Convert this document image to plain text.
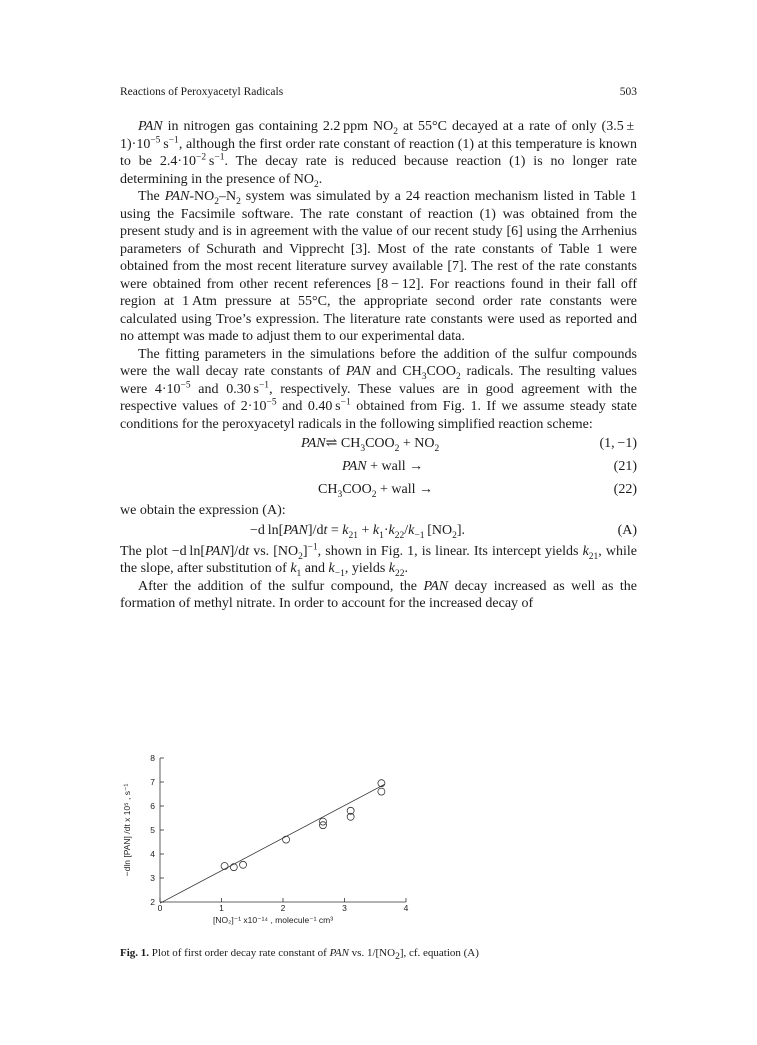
Reactions of Peroxyacetyl Radicals	503

PAN in nitrogen gas containing 2.2 ppm $NO_2$ at 55°C decayed at a rate of only $(3.5 \pm 1)\cdot 10^{-5}$ $s^{-1}$, although the first order rate constant of reaction (1) at this temperature is known to be $2.4\cdot 10^{-2}$ $s^{-1}$. The decay rate is reduced because reaction (1) is no longer rate determining in the presence of $NO_2$.

The PAN-$NO_2-N_2$ system was simulated by a 24 reaction mechanism listed in Table 1 using the Facsimile software. The rate constant of reaction (1) was obtained from the present study and is in agreement with the value of our recent study [6] using the Arrhenius parameters of Schurath and Vipprecht [3]. Most of the rate constants of Table 1 were obtained from the most recent literature survey available [7]. The rest of the rate constants were obtained from other recent references [8 − 12]. For reactions found in their fall off region at 1 Atm pressure at 55°C, the appropriate second order rate constants were calculated using Troe’s expression. The literature rate constants were used as reported and no attempt was made to adjust them to our experimental data.

The fitting parameters in the simulations before the addition of the sulfur compounds were the wall decay rate constants of PAN and $CH_3COO_2$ radicals. The resulting values were $4\cdot 10^{-5}$ and 0.30 $s^{-1}$, respectively. These values are in good agreement with the respective values of $2\cdot 10^{-5}$ and 0.40 $s^{-1}$ obtained from Fig. 1. If we assume steady state conditions for the peroxyacetyl radicals in the following simplified reaction scheme:

PAN⇌ $CH_3COO_2 + NO_2$	(1, −1)
PAN + wall →	(21)
$CH_3COO_2$ + wall →	(22)

we obtain the expression (A):

−d $\ln[PAN]/dt = k_{21} + k_1\cdot k_{22}/k_{-1}$ $[NO_2]$.	(A)

The plot −d ln[PAN]/dt vs. $[NO_2]^{-1}$, shown in Fig. 1, is linear. Its intercept yields $k_{21}$, while the slope, after substitution of $k_1$ and $k_{-1}$, yields $k_{22}$.

After the addition of the sulfur compound, the PAN decay increased as well as the formation of methyl nitrate. In order to account for the increased decay of

0	1	2	3	4
2
3
4
5
6
7
8
[NO₂]⁻¹ x10⁻¹⁴ , molecule⁻¹ cm³
−dln [PAN] /dt x 10⁵ , s⁻¹
Fig. 1. Plot of first order decay rate constant of PAN vs. $1/[NO_2]$, cf. equation (A)
